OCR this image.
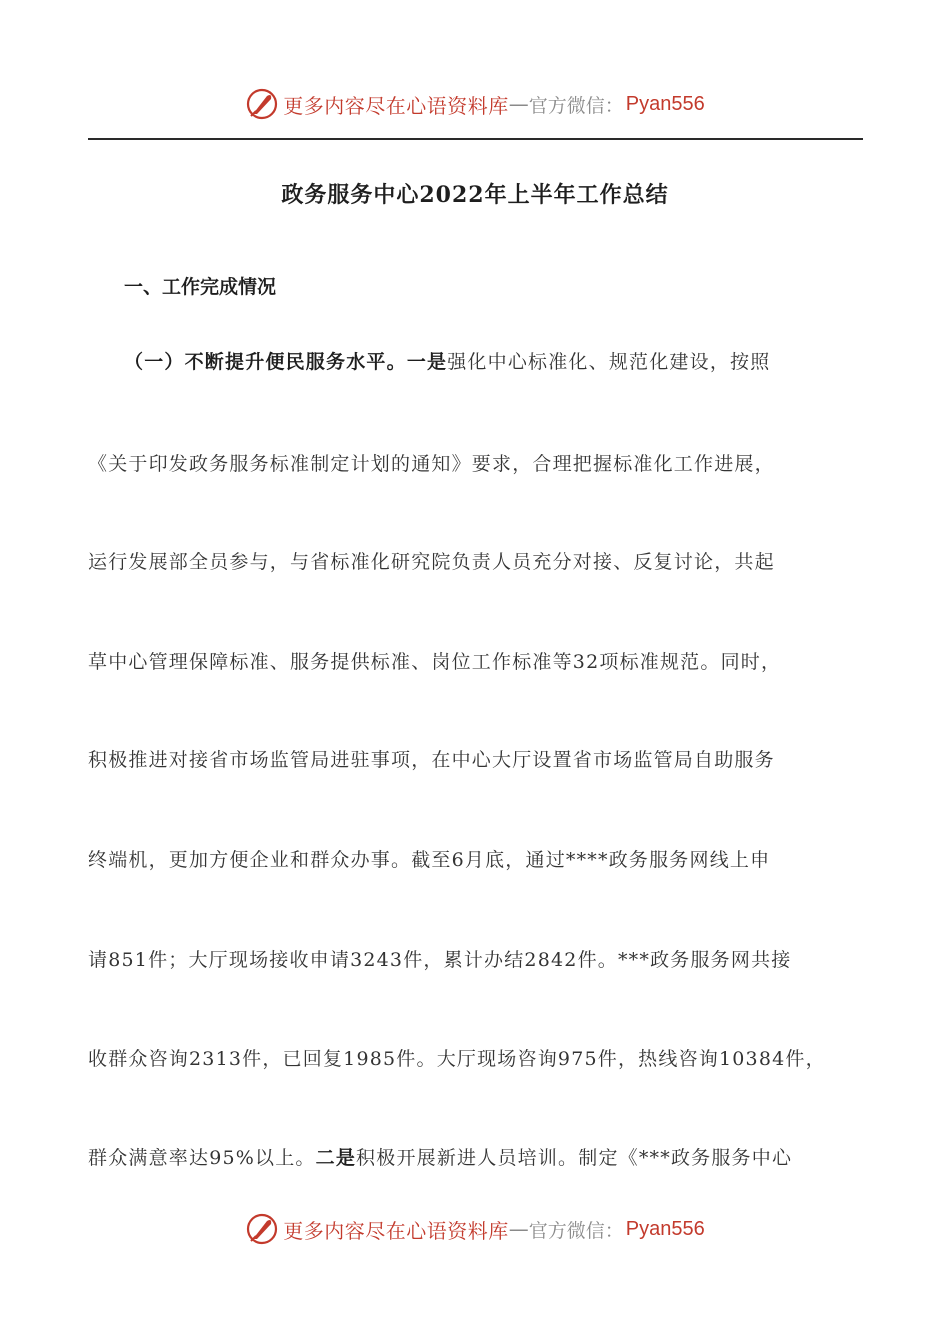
更多内容尽在心语资料库 — 官方微信： Pyan556
政务服务中心2022年上半年工作总结
一、工作完成情况
（一）不断提升便民服务水平。一是强化中心标准化、规范化建设，按照
《关于印发政务服务标准制定计划的通知》要求，合理把握标准化工作进展，
运行发展部全员参与，与省标准化研究院负责人员充分对接、反复讨论，共起
草中心管理保障标准、服务提供标准、岗位工作标准等32项标准规范。同时，
积极推进对接省市场监管局进驻事项，在中心大厅设置省市场监管局自助服务
终端机，更加方便企业和群众办事。截至6月底，通过****政务服务网线上申
请851件；大厅现场接收申请3243件，累计办结2842件。***政务服务网共接
收群众咨询2313件，已回复1985件。大厅现场咨询975件，热线咨询10384件，
群众满意率达95%以上。二是积极开展新进人员培训。制定《***政务服务中心
更多内容尽在心语资料库 — 官方微信： Pyan556
